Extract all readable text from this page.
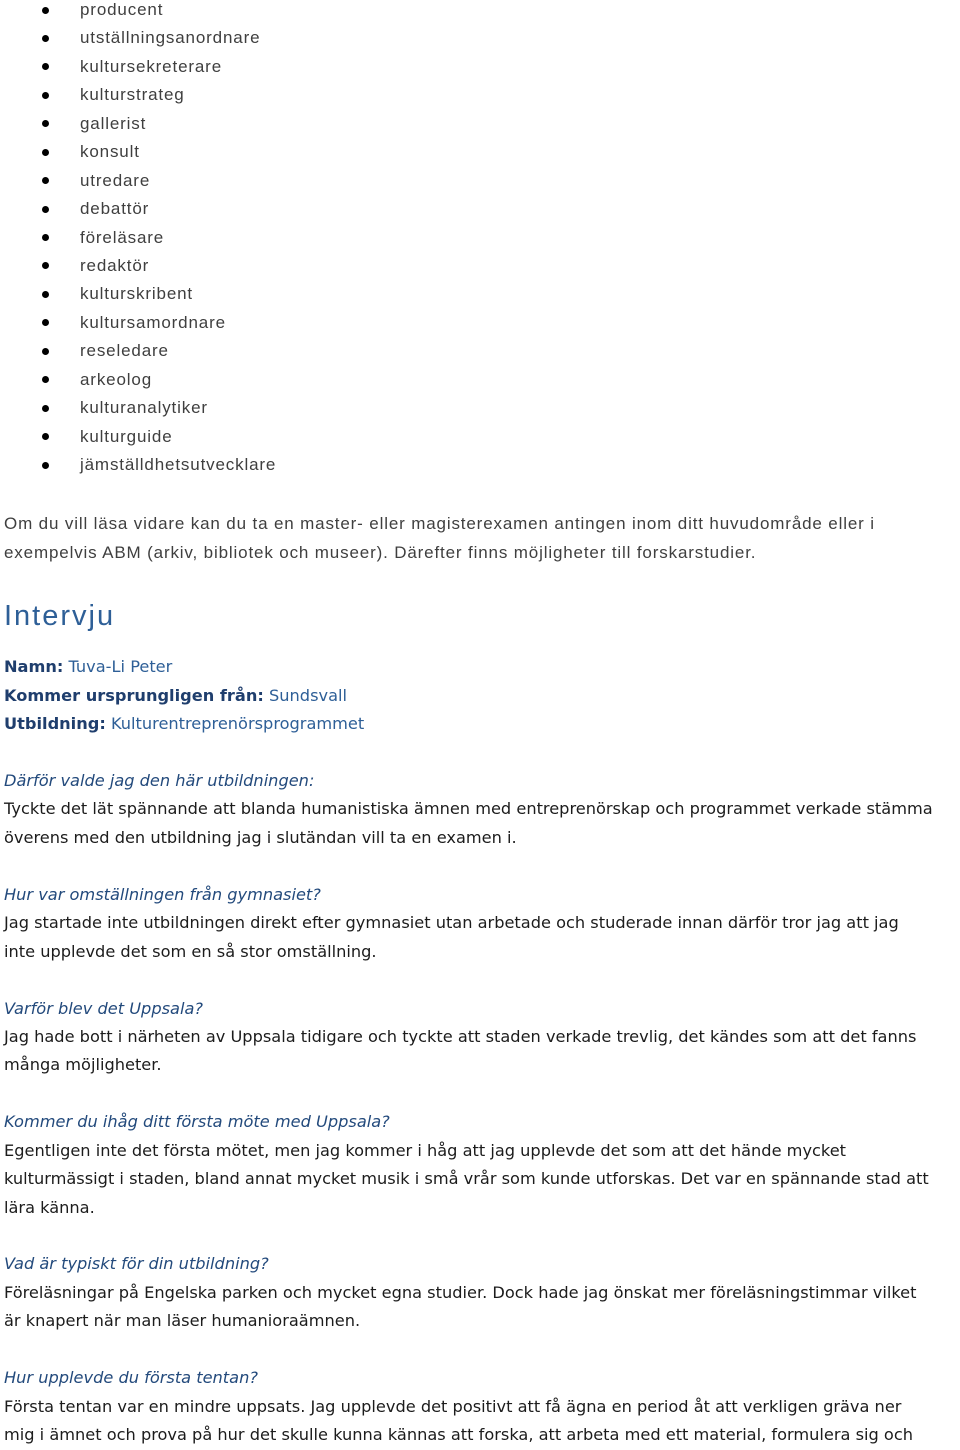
producent
utställningsanordnare
kultursekreterare
kulturstrateg
gallerist
konsult
utredare
debattör
föreläsare
redaktör
kulturskribent
kultursamordnare
reseledare
arkeolog
kulturanalytiker
kulturguide
jämställdhetsutvecklare

Om du vill läsa vidare kan du ta en master- eller magisterexamen antingen inom ditt huvudområde eller i
exempelvis ABM (arkiv, bibliotek och museer). Därefter finns möjligheter till forskarstudier.

Intervju
Namn: Tuva-Li Peter
Kommer ursprungligen från: Sundsvall
Utbildning: Kulturentreprenörsprogrammet
Därför valde jag den här utbildningen:
Tyckte det lät spännande att blanda humanistiska ämnen med entreprenörskap och programmet verkade stämma
överens med den utbildning jag i slutändan vill ta en examen i.
Hur var omställningen från gymnasiet?
Jag startade inte utbildningen direkt efter gymnasiet utan arbetade och studerade innan därför tror jag att jag
inte upplevde det som en så stor omställning.
Varför blev det Uppsala?
Jag hade bott i närheten av Uppsala tidigare och tyckte att staden verkade trevlig, det kändes som att det fanns
många möjligheter.
Kommer du ihåg ditt första möte med Uppsala?
Egentligen inte det första mötet, men jag kommer i håg att jag upplevde det som att det hände mycket
kulturmässigt i staden, bland annat mycket musik i små vrår som kunde utforskas. Det var en spännande stad att
lära känna.
Vad är typiskt för din utbildning?
Föreläsningar på Engelska parken och mycket egna studier. Dock hade jag önskat mer föreläsningstimmar vilket
är knapert när man läser humanioraämnen.
Hur upplevde du första tentan?
Första tentan var en mindre uppsats. Jag upplevde det positivt att få ägna en period åt att verkligen gräva ner
mig i ämnet och prova på hur det skulle kunna kännas att forska, att arbeta med ett material, formulera sig och
